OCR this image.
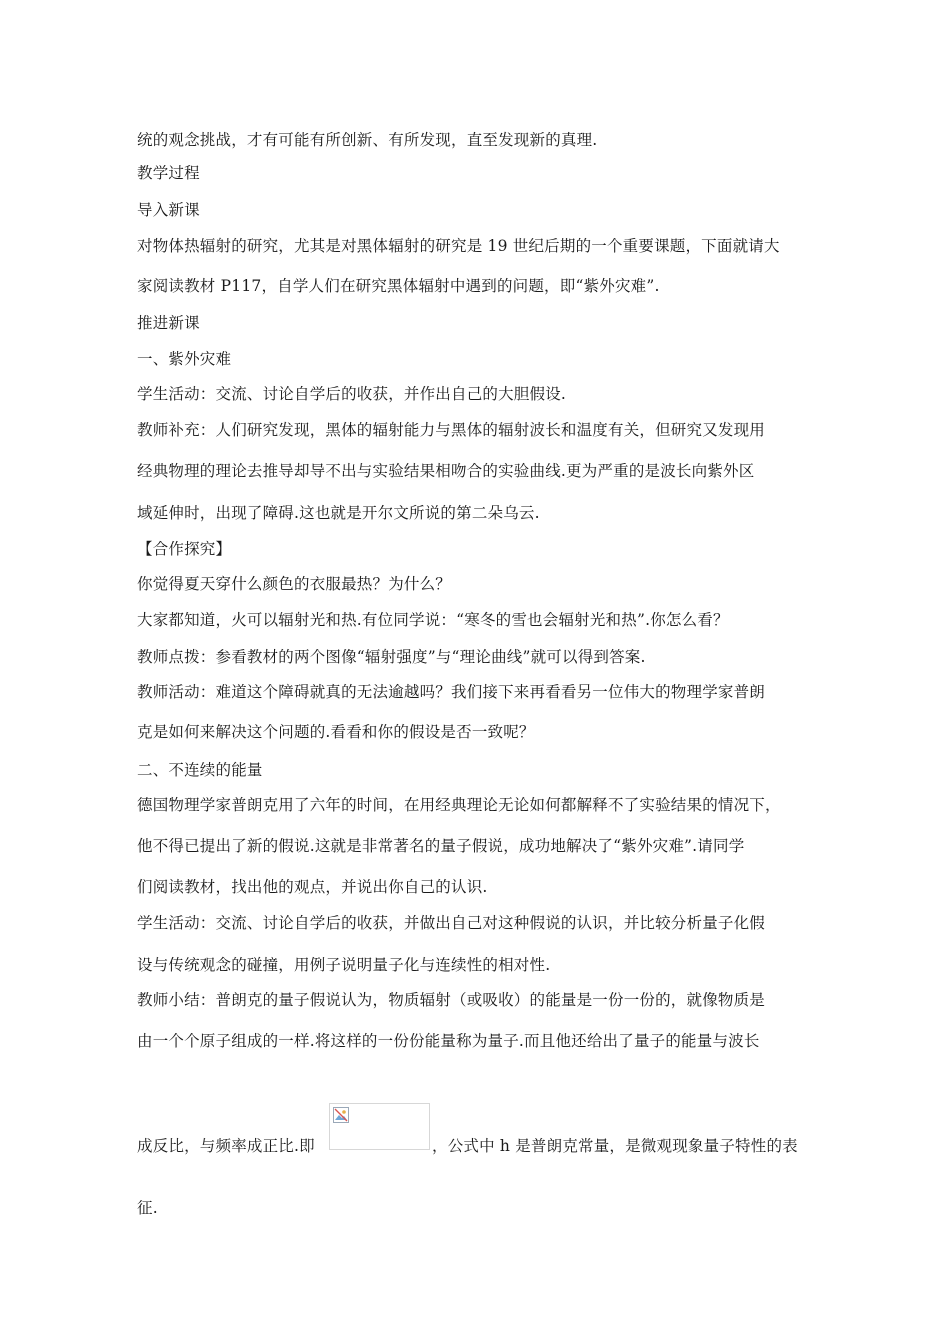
统的观念挑战，才有可能有所创新、有所发现，直至发现新的真理.
教学过程
导入新课
对物体热辐射的研究，尤其是对黑体辐射的研究是 19 世纪后期的一个重要课题，下面就请大
家阅读教材 P117，自学人们在研究黑体辐射中遇到的问题，即“紫外灾难”.
推进新课
一、紫外灾难
学生活动：交流、讨论自学后的收获，并作出自己的大胆假设.
教师补充：人们研究发现，黑体的辐射能力与黑体的辐射波长和温度有关，但研究又发现用
经典物理的理论去推导却导不出与实验结果相吻合的实验曲线.更为严重的是波长向紫外区
域延伸时，出现了障碍.这也就是开尔文所说的第二朵乌云.
【合作探究】
你觉得夏天穿什么颜色的衣服最热？为什么？
大家都知道，火可以辐射光和热.有位同学说：“寒冬的雪也会辐射光和热”.你怎么看？
教师点拨：参看教材的两个图像“辐射强度”与“理论曲线”就可以得到答案.
教师活动：难道这个障碍就真的无法逾越吗？我们接下来再看看另一位伟大的物理学家普朗
克是如何来解决这个问题的.看看和你的假设是否一致呢？
二、不连续的能量
德国物理学家普朗克用了六年的时间，在用经典理论无论如何都解释不了实验结果的情况下，
他不得已提出了新的假说.这就是非常著名的量子假说，成功地解决了“紫外灾难”.请同学
们阅读教材，找出他的观点，并说出你自己的认识.
学生活动：交流、讨论自学后的收获，并做出自己对这种假说的认识，并比较分析量子化假
设与传统观念的碰撞，用例子说明量子化与连续性的相对性.
教师小结：普朗克的量子假说认为，物质辐射（或吸收）的能量是一份一份的，就像物质是
由一个个原子组成的一样.将这样的一份份能量称为量子.而且他还给出了量子的能量与波长
成反比，与频率成正比.即	，公式中 h 是普朗克常量，是微观现象量子特性的表
征.
